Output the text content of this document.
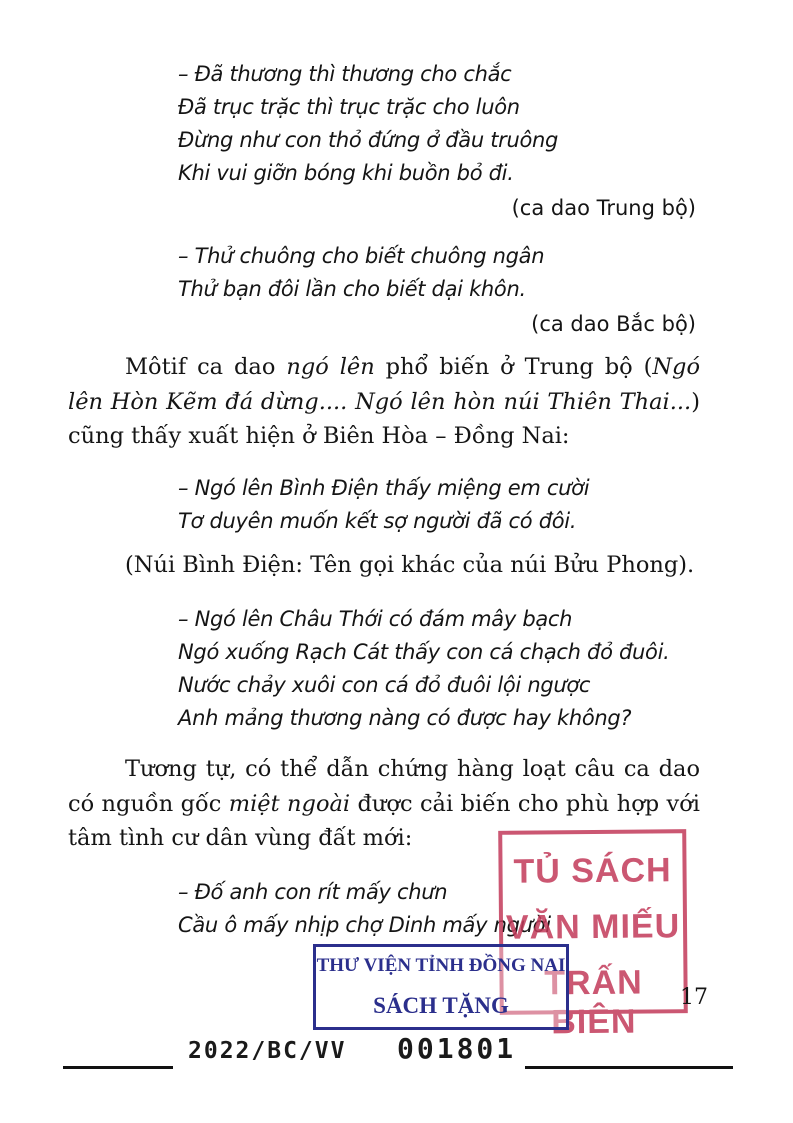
– Đã thương thì thương cho chắc
Đã trục trặc thì trục trặc cho luôn
Đừng như con thỏ đứng ở đầu truông
Khi vui giỡn bóng khi buồn bỏ đi.
(ca dao Trung bộ)
– Thử chuông cho biết chuông ngân
Thử bạn đôi lần cho biết dại khôn.
(ca dao Bắc bộ)

Môtif ca dao ngó lên phổ biến ở Trung bộ (Ngó lên Hòn Kẽm đá dừng.... Ngó lên hòn núi Thiên Thai...) cũng thấy xuất hiện ở Biên Hòa – Đồng Nai:

– Ngó lên Bình Điện thấy miệng em cười
Tơ duyên muốn kết sợ người đã có đôi.
(Núi Bình Điện: Tên gọi khác của núi Bửu Phong).
– Ngó lên Châu Thới có đám mây bạch
Ngó xuống Rạch Cát thấy con cá chạch đỏ đuôi.
Nước chảy xuôi con cá đỏ đuôi lội ngược
Anh mảng thương nàng có được hay không?

Tương tự, có thể dẫn chứng hàng loạt câu ca dao có nguồn gốc miệt ngoài được cải biến cho phù hợp với tâm tình cư dân vùng đất mới:

– Đố anh con rít mấy chưn
Cầu ô mấy nhịp chợ Dinh mấy người
TỦ SÁCH
VĂN MIẾU
TRẤN BIÊN
THƯ VIỆN TỈNH ĐỒNG NAI
SÁCH TẶNG	17
2022/BC/VV 001801
